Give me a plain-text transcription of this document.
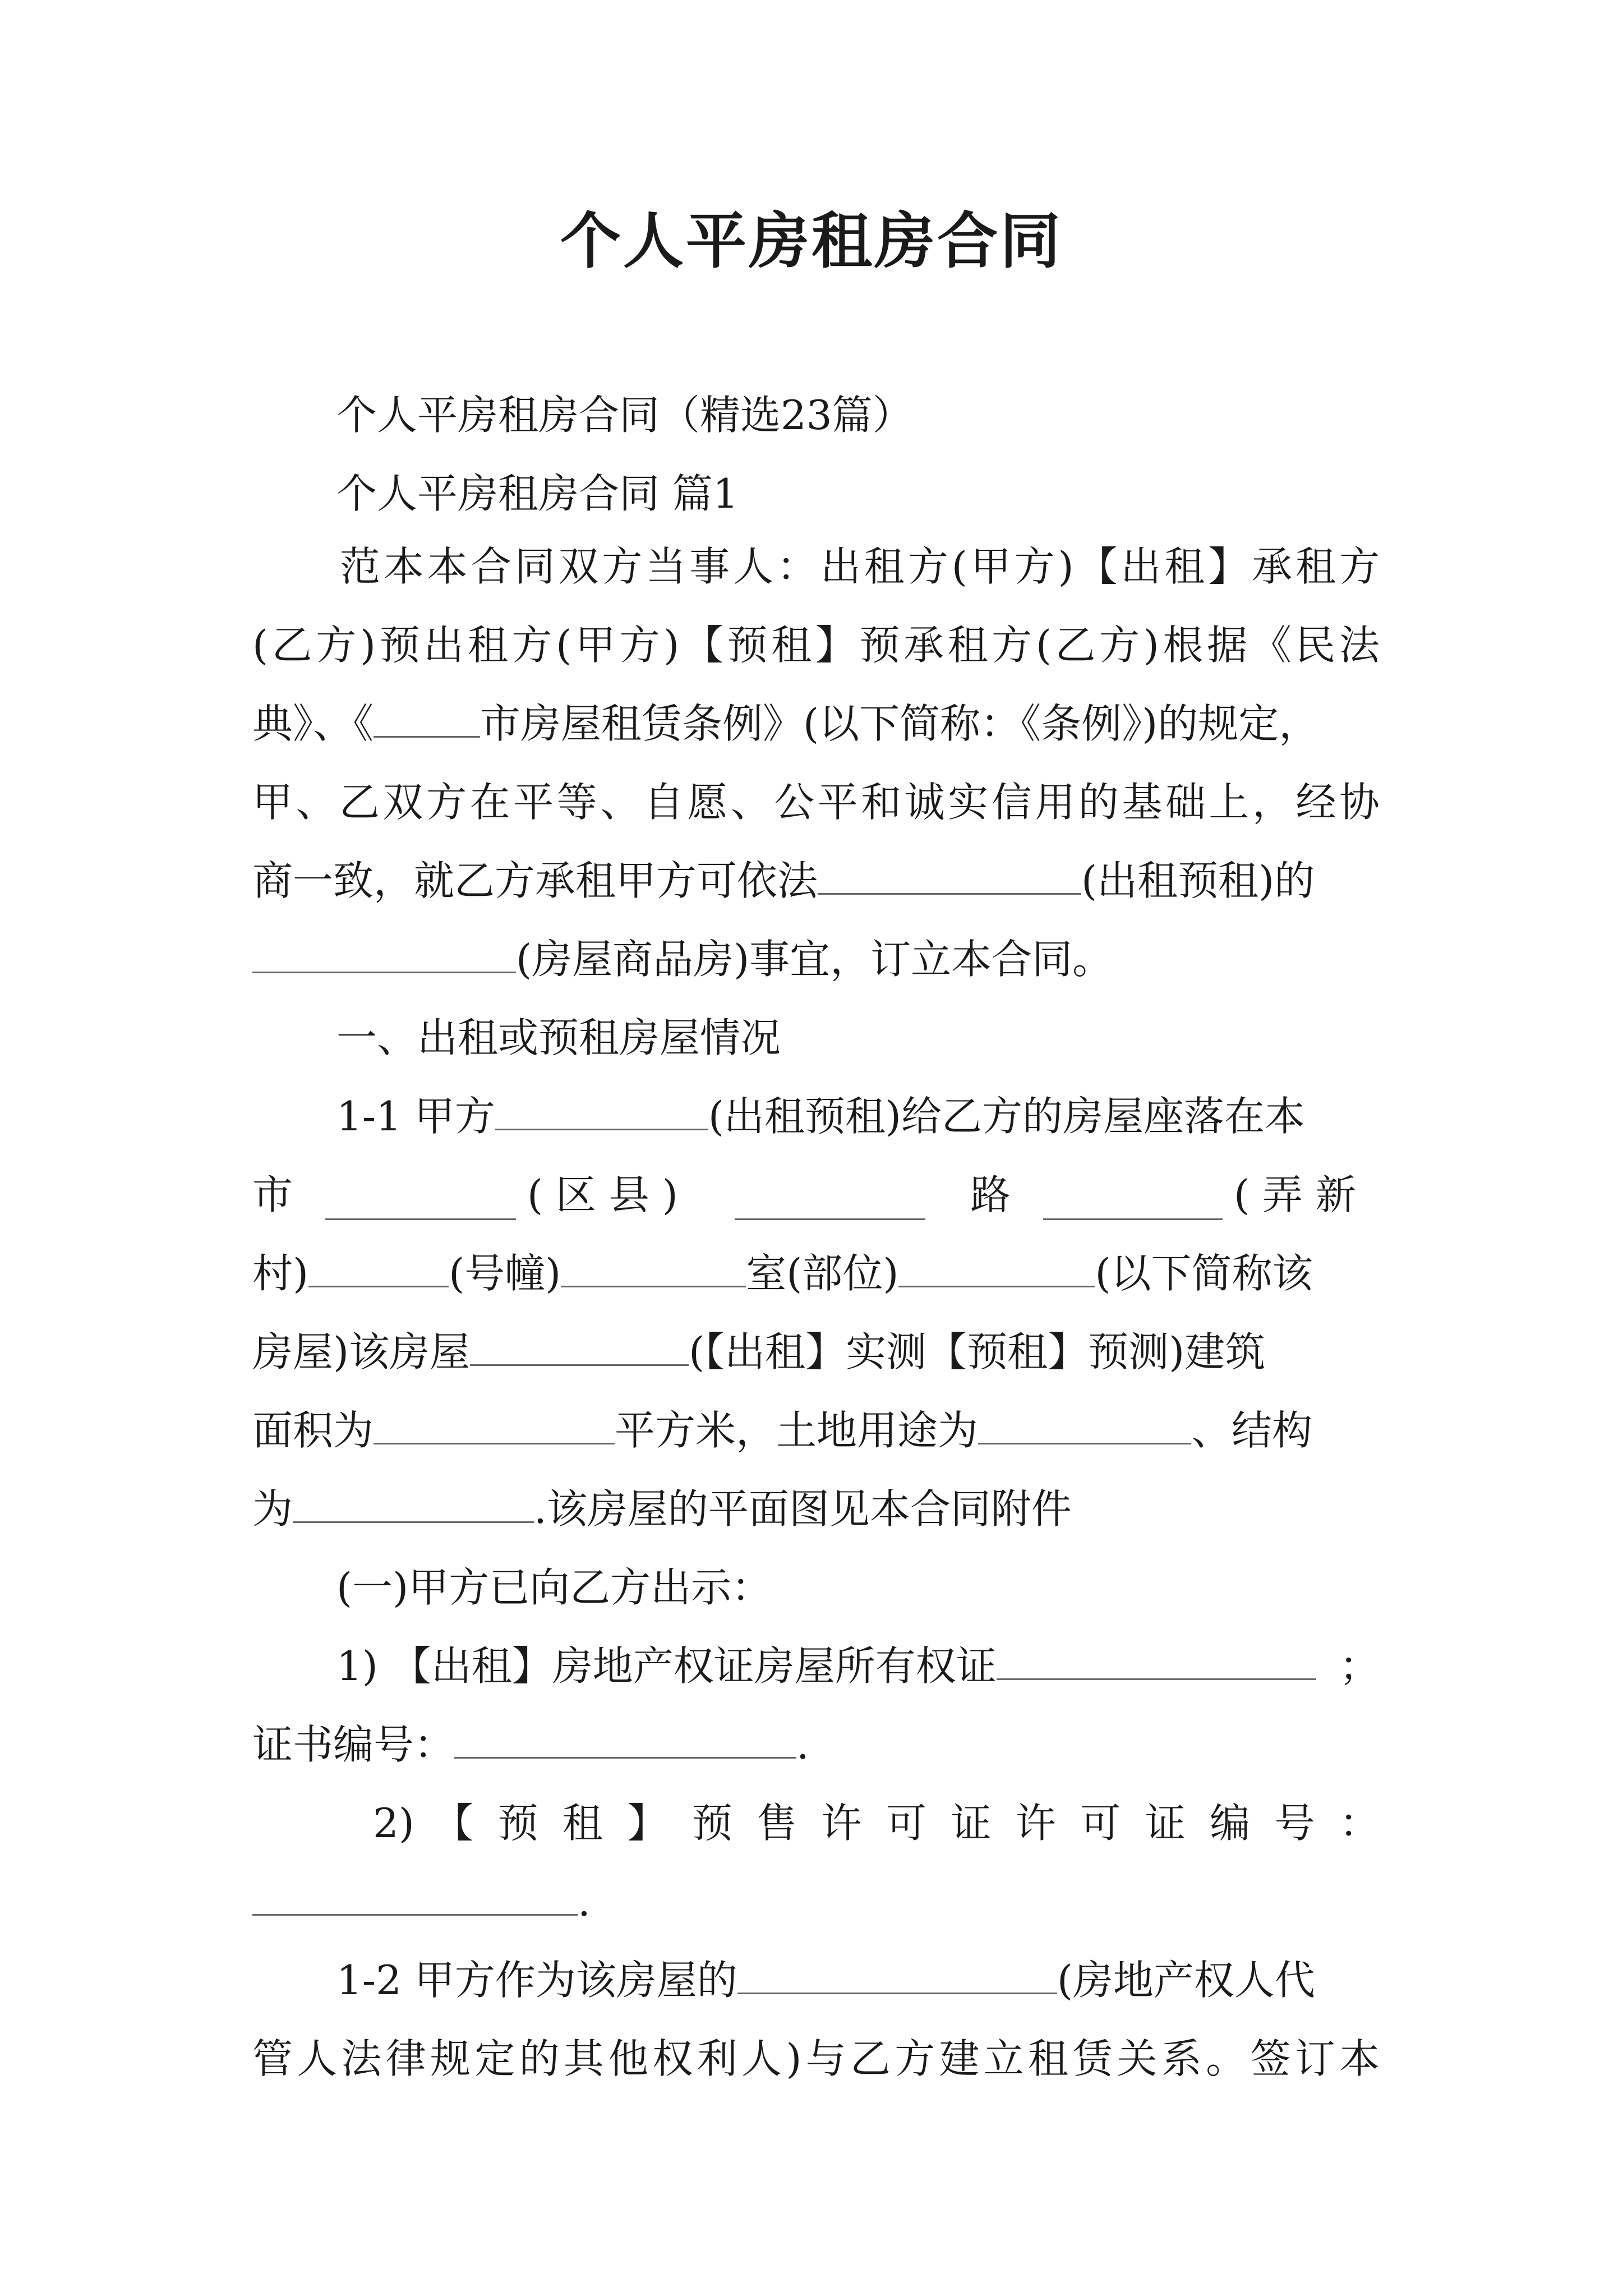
个人平房租房合同
个人平房租房合同（精选23篇）
个人平房租房合同 篇1
范本本合同双方当事人：出租方(甲方)【出租】承租方
(乙方)预出租方(甲方)【预租】预承租方(乙方)根据《民法
典》、《	市房屋租赁条例》(以下简称：《条例》)的规定，
甲、乙双方在平等、自愿、公平和诚实信用的基础上，经协
商一致，就乙方承租甲方可依法	(出租预租)的
(房屋商品房)事宜，订立本合同。
一、出租或预租房屋情况
1-1 甲方	(出租预租)给乙方的房屋座落在本
市	( 区 县 )	路	( 弄 新
村)	(号幢)	室(部位)	(以下简称该
房屋)该房屋	(【出租】实测【预租】预测)建筑
面积为	平方米，土地用途为	、结构
为	.该房屋的平面图见本合同附件
(一)甲方已向乙方出示：
1) 【出租】房地产权证房屋所有权证	；
证书编号：	.
2) 【 预 租 】 预 售 许 可 证 许 可 证 编 号 ：
.
1-2 甲方作为该房屋的	(房地产权人代
管人法律规定的其他权利人)与乙方建立租赁关系。签订本
